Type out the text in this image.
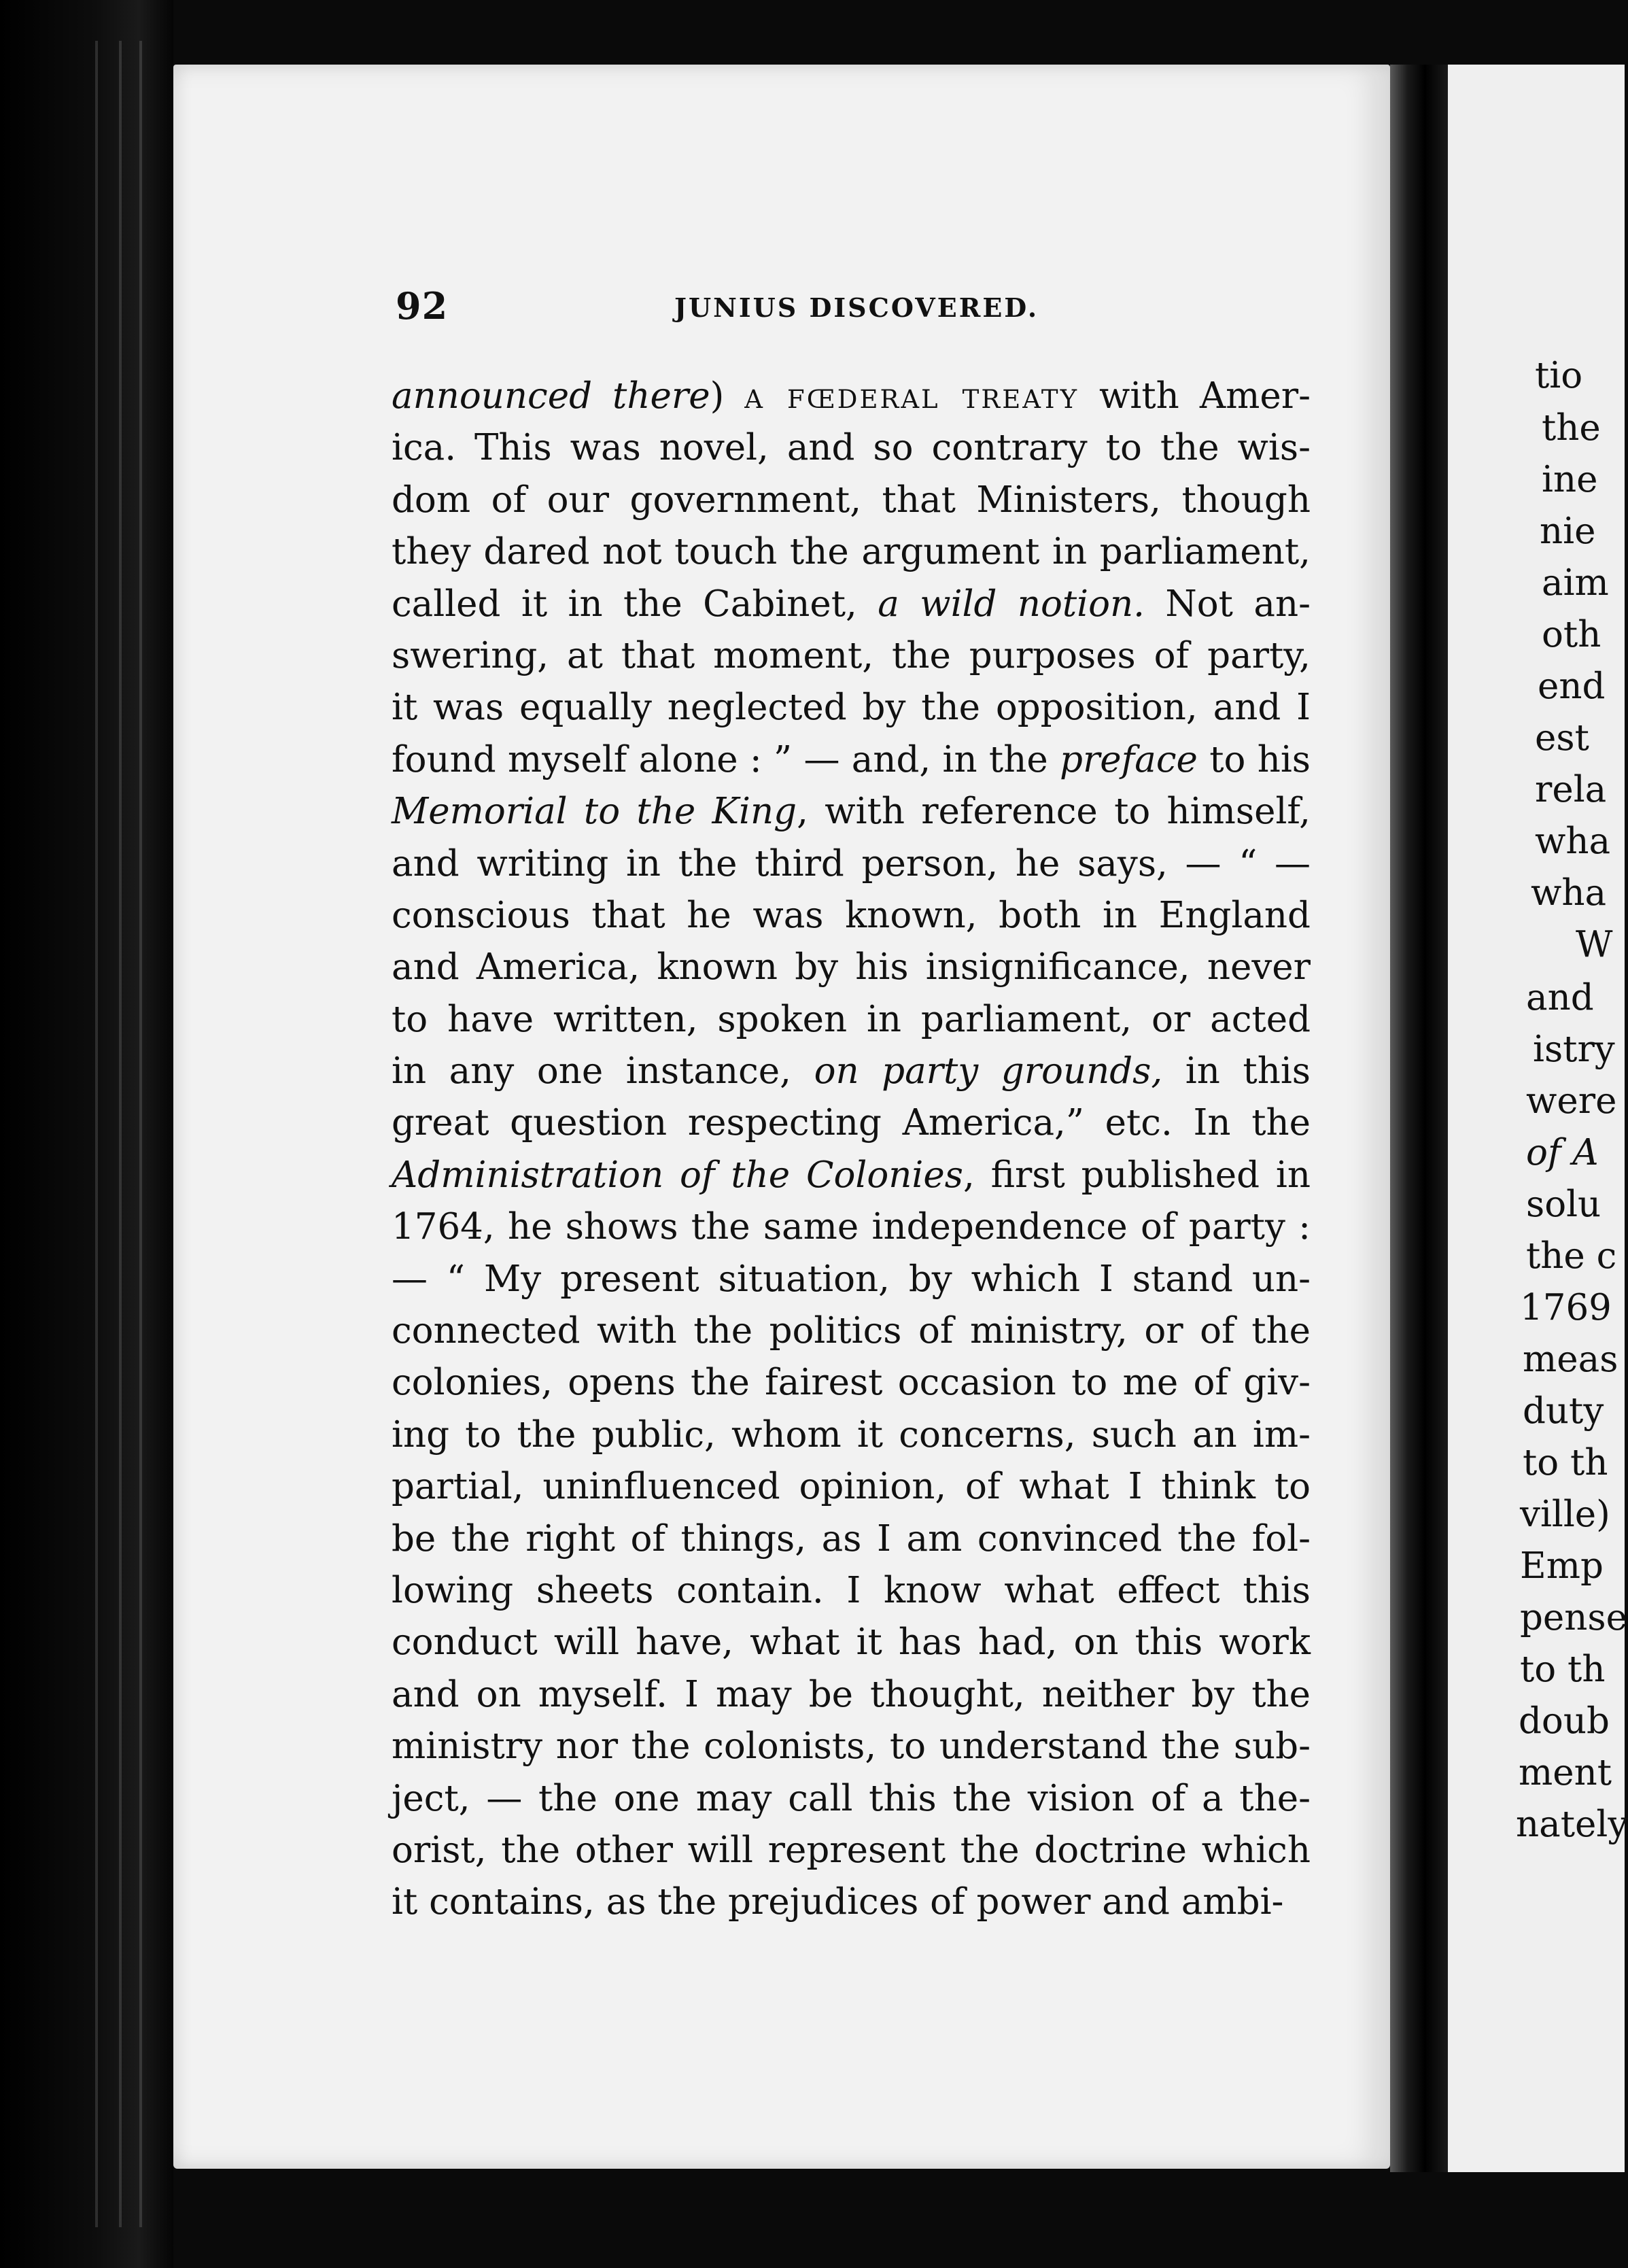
92	JUNIUS DISCOVERED.
announced there) a fœderal treaty with Amer-
ica. This was novel, and so contrary to the wis-
dom of our government, that Ministers, though
they dared not touch the argument in parliament,
called it in the Cabinet, a wild notion. Not an-
swering, at that moment, the purposes of party,
it was equally neglected by the opposition, and I
found myself alone : ” — and, in the preface to his
Memorial to the King, with reference to himself,
and writing in the third person, he says, — “ —
conscious that he was known, both in England
and America, known by his insignificance, never
to have written, spoken in parliament, or acted
in any one instance, on party grounds, in this
great question respecting America,” etc. In the
Administration of the Colonies, first published in
1764, he shows the same independence of party :
— “ My present situation, by which I stand un-
connected with the politics of ministry, or of the
colonies, opens the fairest occasion to me of giv-
ing to the public, whom it concerns, such an im-
partial, uninfluenced opinion, of what I think to
be the right of things, as I am convinced the fol-
lowing sheets contain. I know what effect this
conduct will have, what it has had, on this work
and on myself. I may be thought, neither by the
ministry nor the colonists, to understand the sub-
ject, — the one may call this the vision of a the-
orist, the other will represent the doctrine which
it contains, as the prejudices of power and ambi-
tio
the
ine
nie
aim
oth
end
est
rela
wha
wha
W
and
istry
were
of A
solu
the c
1769
meas
duty
to th
ville)
Emp
pense
to th
doub
ment
nately
